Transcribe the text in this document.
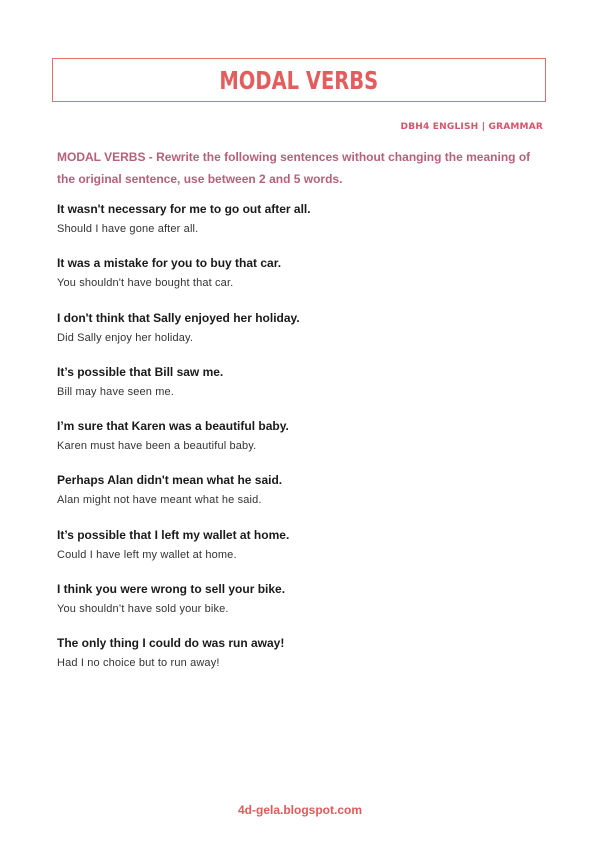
MODAL VERBS
DBH4 ENGLISH | GRAMMAR
MODAL VERBS - Rewrite the following sentences without changing the meaning of the original sentence, use between 2 and 5 words.
It wasn't necessary for me to go out after all.
Should I have gone after all.
It was a mistake for you to buy that car.
You shouldn't have bought that car.
I don't think that Sally enjoyed her holiday.
Did Sally enjoy her holiday.
It’s possible that Bill saw me.
Bill may have seen me.
I’m sure that Karen was a beautiful baby.
Karen must have been a beautiful baby.
Perhaps Alan didn't mean what he said.
Alan might not have meant what he said.
It’s possible that I left my wallet at home.
Could I have left my wallet at home.
I think you were wrong to sell your bike.
You shouldn’t have sold your bike.
The only thing I could do was run away!
Had I no choice but to run away!
4d-gela.blogspot.com
